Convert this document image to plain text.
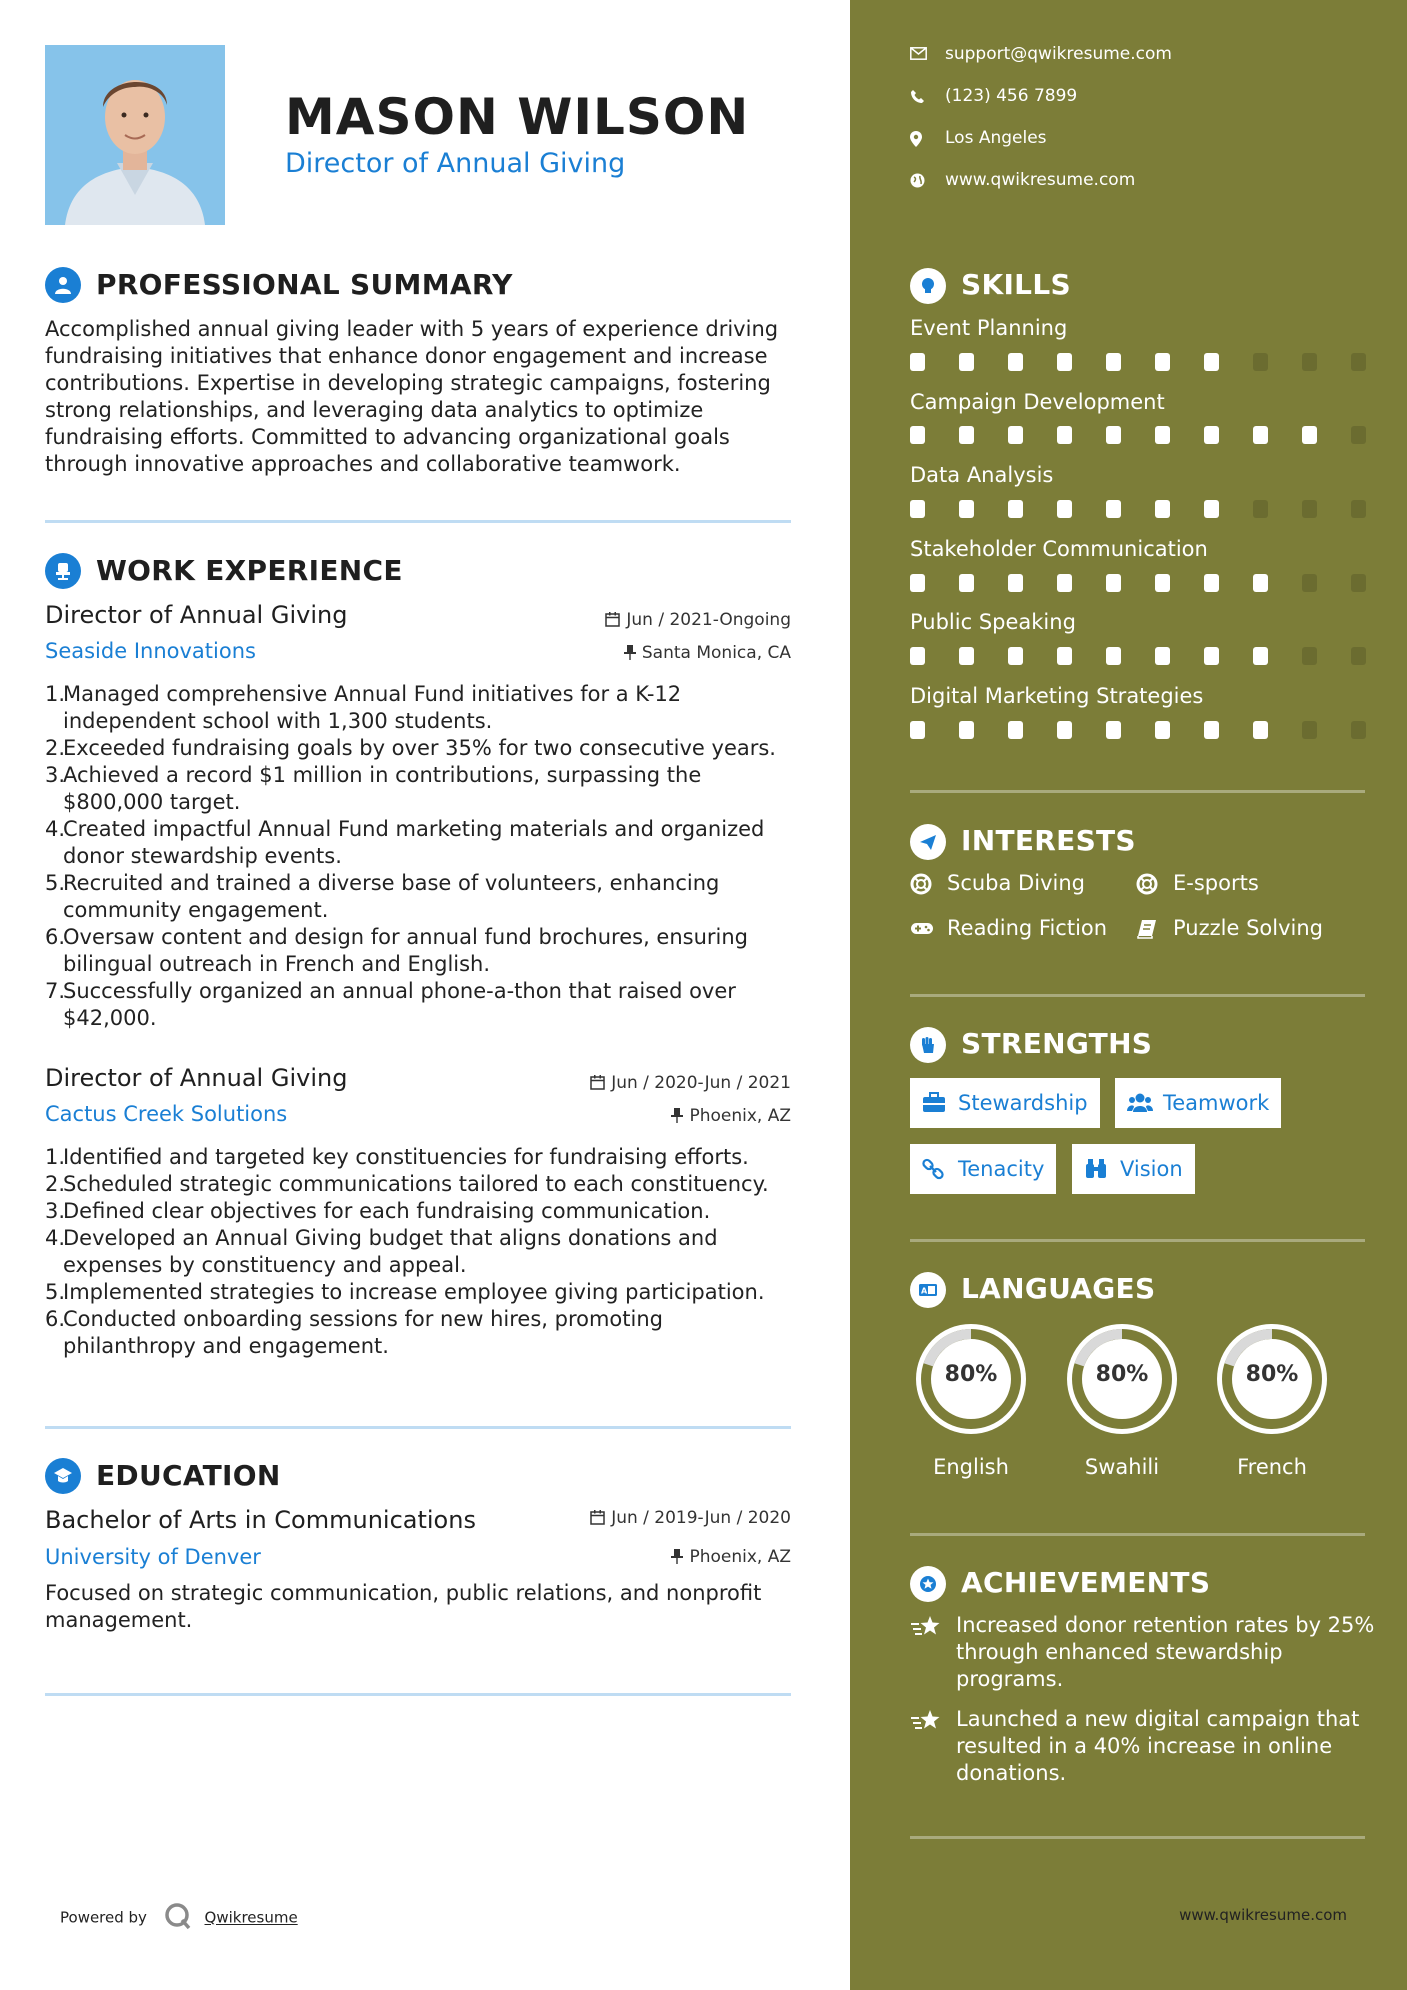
MASON WILSON
Director of Annual Giving
PROFESSIONAL SUMMARY
Accomplished annual giving leader with 5 years of experience driving fundraising initiatives that enhance donor engagement and increase contributions. Expertise in developing strategic campaigns, fostering strong relationships, and leveraging data analytics to optimize fundraising efforts. Committed to advancing organizational goals through innovative approaches and collaborative teamwork.
WORK EXPERIENCE
Director of Annual Giving	Jun / 2021-Ongoing
Seaside Innovations	Santa Monica, CA
1.Managed comprehensive Annual Fund initiatives for a K-12 independent school with 1,300 students.
2.Exceeded fundraising goals by over 35% for two consecutive years.
3.Achieved a record $1 million in contributions, surpassing the $800,000 target.
4.Created impactful Annual Fund marketing materials and organized donor stewardship events.
5.Recruited and trained a diverse base of volunteers, enhancing community engagement.
6.Oversaw content and design for annual fund brochures, ensuring bilingual outreach in French and English.
7.Successfully organized an annual phone-a-thon that raised over $42,000.
Director of Annual Giving	Jun / 2020-Jun / 2021
Cactus Creek Solutions	Phoenix, AZ
1.Identified and targeted key constituencies for fundraising efforts.
2.Scheduled strategic communications tailored to each constituency.
3.Defined clear objectives for each fundraising communication.
4.Developed an Annual Giving budget that aligns donations and expenses by constituency and appeal.
5.Implemented strategies to increase employee giving participation.
6.Conducted onboarding sessions for new hires, promoting philanthropy and engagement.
EDUCATION
Bachelor of Arts in Communications	Jun / 2019-Jun / 2020
University of Denver	Phoenix, AZ
Focused on strategic communication, public relations, and nonprofit management.
Powered by	Qwikresume
support@qwikresume.com
(123) 456 7899
Los Angeles
www.qwikresume.com
SKILLS
Event Planning
Campaign Development
Data Analysis
Stakeholder Communication
Public Speaking
Digital Marketing Strategies
INTERESTS
Scuba Diving	E-sports
Reading Fiction	Puzzle Solving
STRENGTHS
Stewardship	Teamwork
Tenacity	Vision
A LANGUAGES
80%
English
80%
Swahili
80%
French
ACHIEVEMENTS
Increased donor retention rates by 25% through enhanced stewardship programs.
Launched a new digital campaign that resulted in a 40% increase in online donations.
www.qwikresume.com
